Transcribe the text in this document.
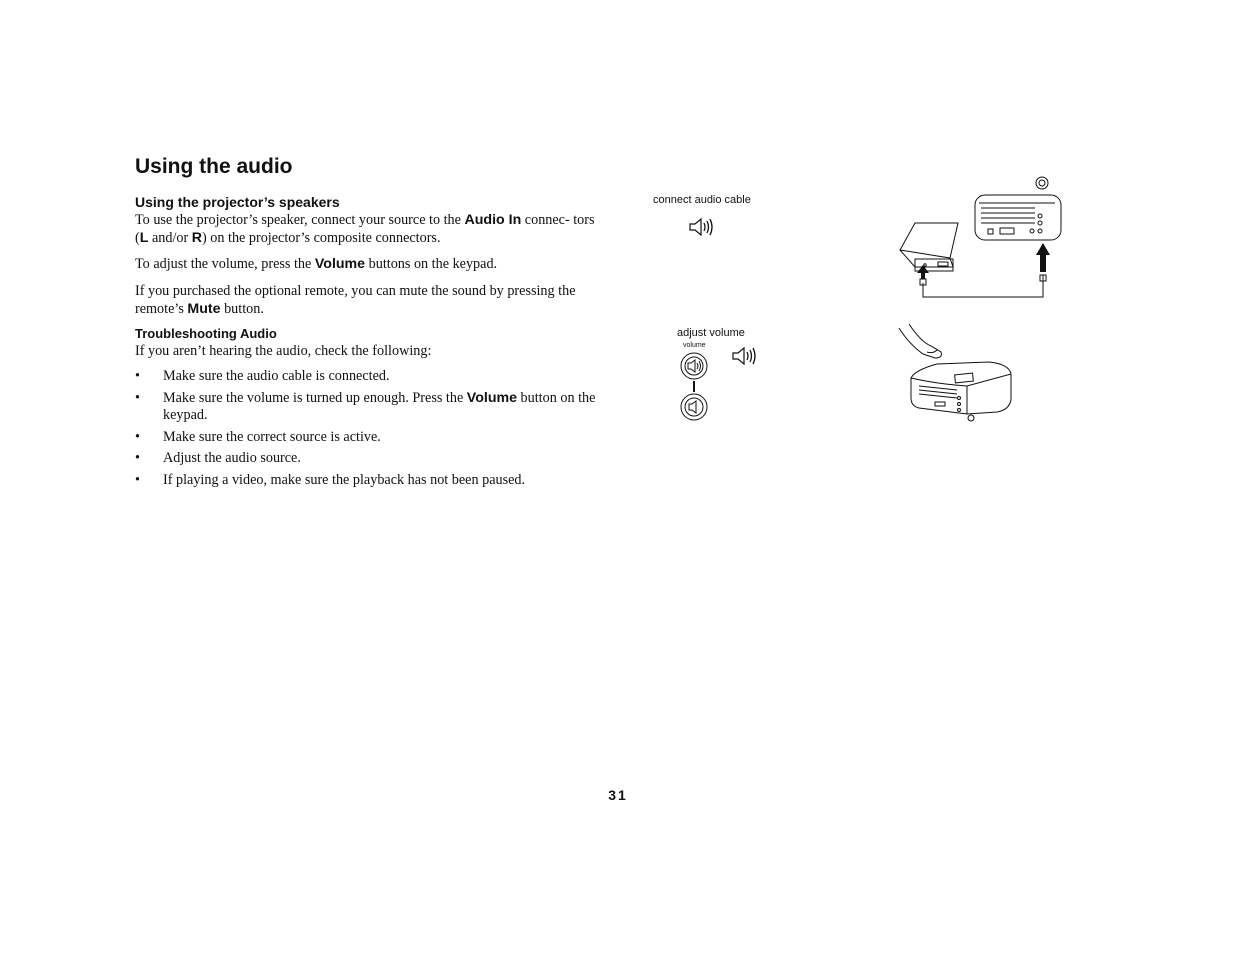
Using the audio
Using the projector’s speakers

To use the projector’s speaker, connect your source to the Audio In connec- tors (L and/or R) on the projector’s composite connectors.

To adjust the volume, press the Volume buttons on the keypad.

If you purchased the optional remote, you can mute the sound by pressing the remote’s Mute button.

Troubleshooting Audio

If you aren’t hearing the audio, check the following:

• Make sure the audio cable is connected.
• Make sure the volume is turned up enough. Press the Volume button on the keypad.
• Make sure the correct source is active.
• Adjust the audio source.
• If playing a video, make sure the playback has not been paused.
connect audio cable
adjust volume
volume
31
